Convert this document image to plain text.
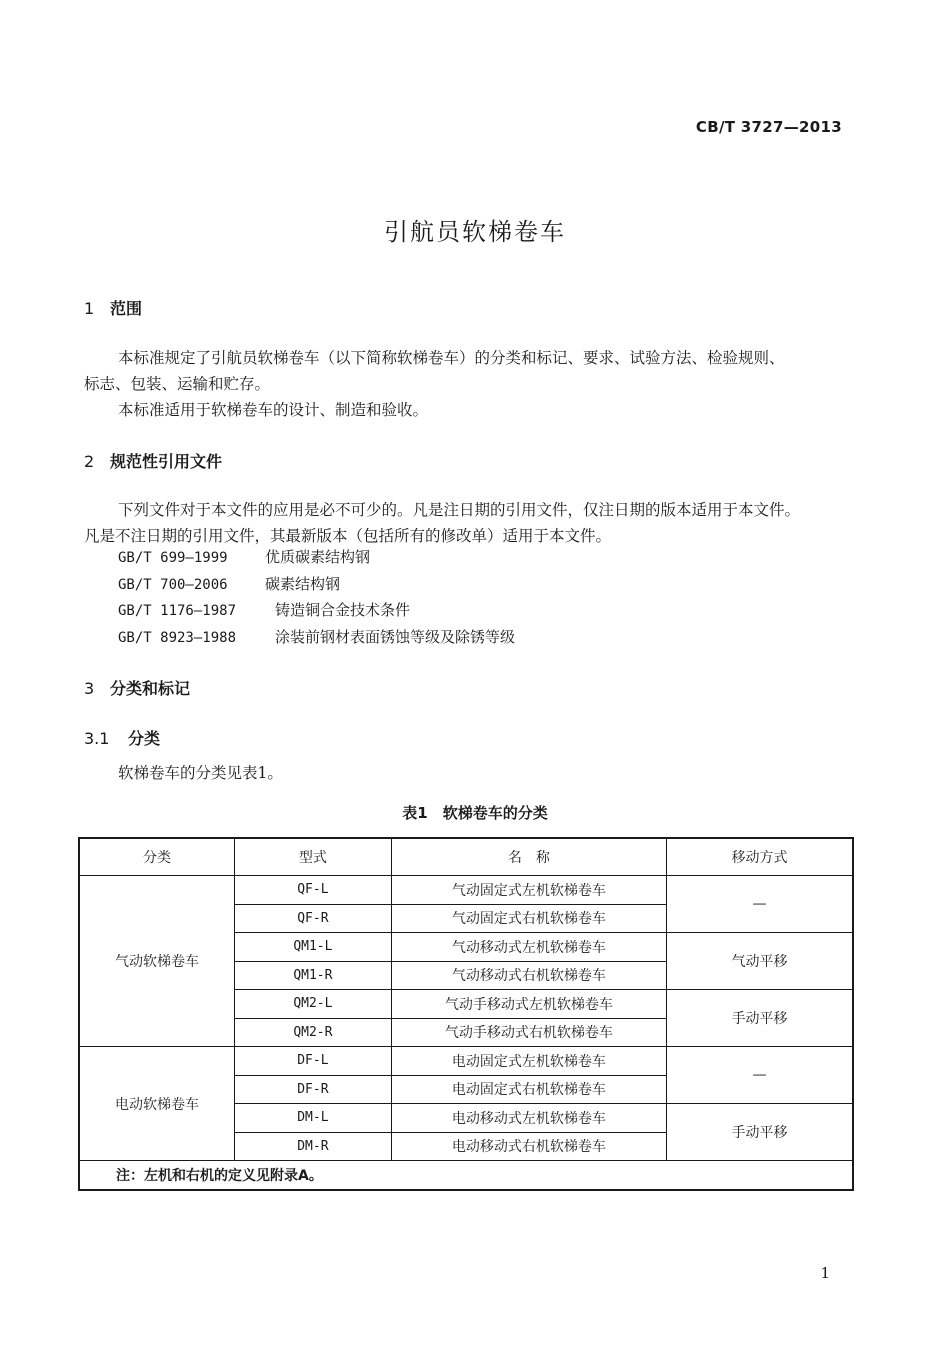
CB/T 3727—2013
引航员软梯卷车
1 范围
本标准规定了引航员软梯卷车（以下简称软梯卷车）的分类和标记、要求、试验方法、检验规则、
标志、包装、运输和贮存。
本标准适用于软梯卷车的设计、制造和验收。
2 规范性引用文件
下列文件对于本文件的应用是必不可少的。凡是注日期的引用文件，仅注日期的版本适用于本文件。
凡是不注日期的引用文件，其最新版本（包括所有的修改单）适用于本文件。
GB/T 699—1999 优质碳素结构钢
GB/T 700—2006 碳素结构钢
GB/T 1176—1987	铸造铜合金技术条件
GB/T 8923—1988	涂装前钢材表面锈蚀等级及除锈等级
3 分类和标记
3.1 分类
软梯卷车的分类见表1。
表1　软梯卷车的分类
分类	型式	名　称	移动方式
气动软梯卷车	QF-L	气动固定式左机软梯卷车	—
	QF-R	气动固定式右机软梯卷车	
	QM1-L	气动移动式左机软梯卷车	气动平移
	QM1-R	气动移动式右机软梯卷车	
	QM2-L	气动手移动式左机软梯卷车	手动平移
	QM2-R	气动手移动式右机软梯卷车	
电动软梯卷车	DF-L	电动固定式左机软梯卷车	—
	DF-R	电动固定式右机软梯卷车	
	DM-L	电动移动式左机软梯卷车	手动平移
	DM-R	电动移动式右机软梯卷车	
注：左机和右机的定义见附录A。			
1
